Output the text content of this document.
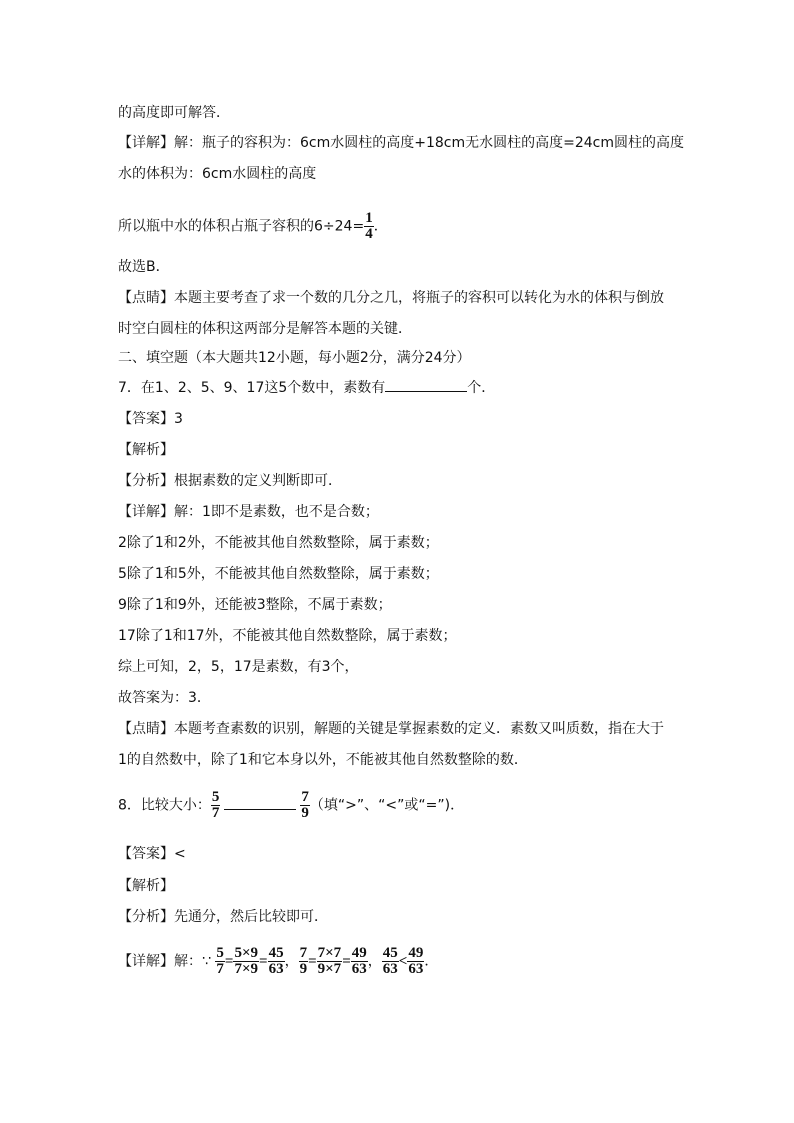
的高度即可解答．
【详解】解：瓶子的容积为：6cm水圆柱的高度+18cm无水圆柱的高度=24cm圆柱的高度
水的体积为：6cm水圆柱的高度
所以瓶中水的体积占瓶子容积的$6\div 24= \frac{1}{4}$ ．
故选B．
【点睛】本题主要考查了求一个数的几分之几，将瓶子的容积可以转化为水的体积与倒放
时空白圆柱的体积这两部分是解答本题的关键．
二、填空题（本大题共12小题，每小题2分，满分24分）
7．在1、2、5、9、17这5个数中，素数有	个．
【答案】3
【解析】
【分析】根据素数的定义判断即可．
【详解】解：1即不是素数，也不是合数；
2除了1和2外，不能被其他自然数整除，属于素数；
5除了1和5外，不能被其他自然数整除，属于素数；
9除了1和9外，还能被3整除，不属于素数；
17除了1和17外，不能被其他自然数整除，属于素数；
综上可知，2，5，17是素数，有3个，
故答案为：3．
【点睛】本题考查素数的识别，解题的关键是掌握素数的定义．素数又叫质数，指在大于
1的自然数中，除了1和它本身以外，不能被其他自然数整除的数．
8．比较大小： $\frac{5}{7}$	$\frac{7}{9}$ （填“>”、“<”或“=”)．
【答案】<
【解析】
【分析】先通分，然后比较即可．
【详解】解：∵ $\frac{5}{7} = \frac{5\times 9}{7\times 9} = \frac{45}{63}$ ， $\frac{7}{9} = \frac{7\times 7}{9\times 7} = \frac{49}{63}$ ， $\frac{45}{63} < \frac{49}{63}$ ．
